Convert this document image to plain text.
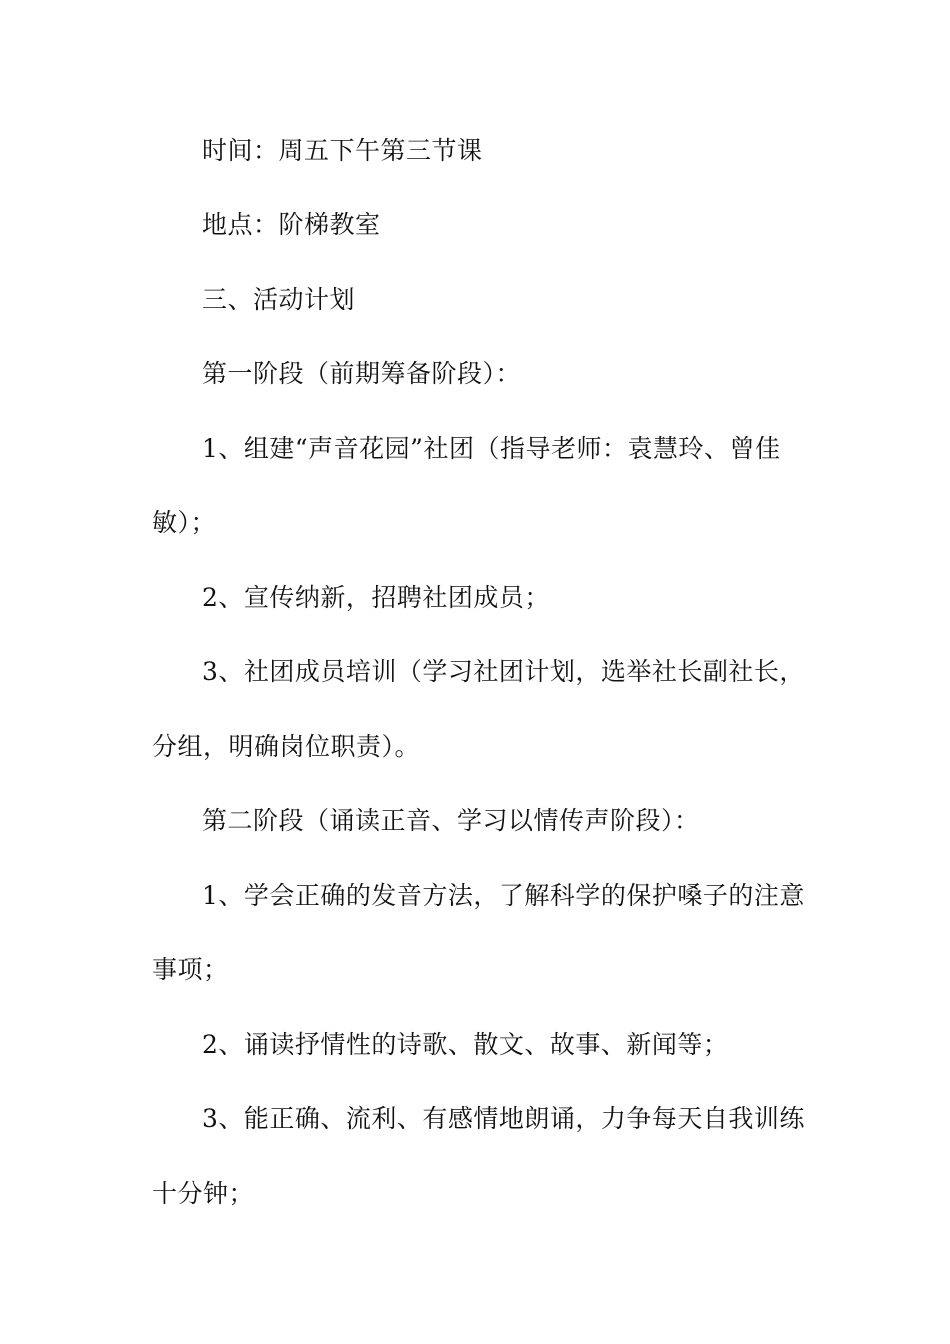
时间：周五下午第三节课
地点：阶梯教室
三、活动计划
第一阶段（前期筹备阶段）：
1、组建“声音花园”社团（指导老师：袁慧玲、曾佳
敏）；
2、宣传纳新，招聘社团成员；
3、社团成员培训（学习社团计划，选举社长副社长，
分组，明确岗位职责）。
第二阶段（诵读正音、学习以情传声阶段）：
1、学会正确的发音方法，了解科学的保护嗓子的注意
事项；
2、诵读抒情性的诗歌、散文、故事、新闻等；
3、能正确、流利、有感情地朗诵，力争每天自我训练
十分钟；
